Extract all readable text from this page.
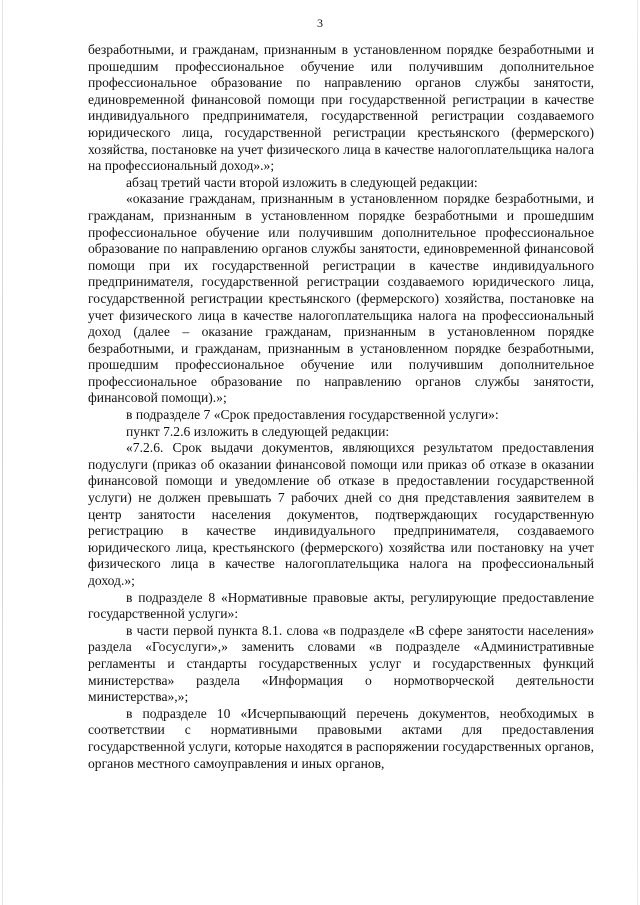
3

безработными, и гражданам, признанным в установленном порядке безработными и прошедшим профессиональное обучение или получившим дополнительное профессиональное образование по направлению органов службы занятости, единовременной финансовой помощи при государственной регистрации в качестве индивидуального предпринимателя, государственной регистрации создаваемого юридического лица, государственной регистрации крестьянского (фермерского) хозяйства, постановке на учет физического лица в качестве налогоплательщика налога на профессиональный доход».»;

абзац третий части второй изложить в следующей редакции:

«оказание гражданам, признанным в установленном порядке безработными, и гражданам, признанным в установленном порядке безработными и прошедшим профессиональное обучение или получившим дополнительное профессиональное образование по направлению органов службы занятости, единовременной финансовой помощи при их государственной регистрации в качестве индивидуального предпринимателя, государственной регистрации создаваемого юридического лица, государственной регистрации крестьянского (фермерского) хозяйства, постановке на учет физического лица в качестве налогоплательщика налога на профессиональный доход (далее – оказание гражданам, признанным в установленном порядке безработными, и гражданам, признанным в установленном порядке безработными, прошедшим профессиональное обучение или получившим дополнительное профессиональное образование по направлению органов службы занятости, финансовой помощи).»;

в подразделе 7 «Срок предоставления государственной услуги»:

пункт 7.2.6 изложить в следующей редакции:

«7.2.6. Срок выдачи документов, являющихся результатом предоставления подуслуги (приказ об оказании финансовой помощи или приказ об отказе в оказании финансовой помощи и уведомление об отказе в предоставлении государственной услуги) не должен превышать 7 рабочих дней со дня представления заявителем в центр занятости населения документов, подтверждающих государственную регистрацию в качестве индивидуального предпринимателя, создаваемого юридического лица, крестьянского (фермерского) хозяйства или постановку на учет физического лица в качестве налогоплательщика налога на профессиональный доход.»;

в подразделе 8 «Нормативные правовые акты, регулирующие предоставление государственной услуги»:

в части первой пункта 8.1. слова «в подразделе «В сфере занятости населения» раздела «Госуслуги»,» заменить словами «в подразделе «Административные регламенты и стандарты государственных услуг и государственных функций министерства» раздела «Информация о нормотворческой деятельности министерства»,»;

в подразделе 10 «Исчерпывающий перечень документов, необходимых в соответствии с нормативными правовыми актами для предоставления государственной услуги, которые находятся в распоряжении государственных органов, органов местного самоуправления и иных органов,
